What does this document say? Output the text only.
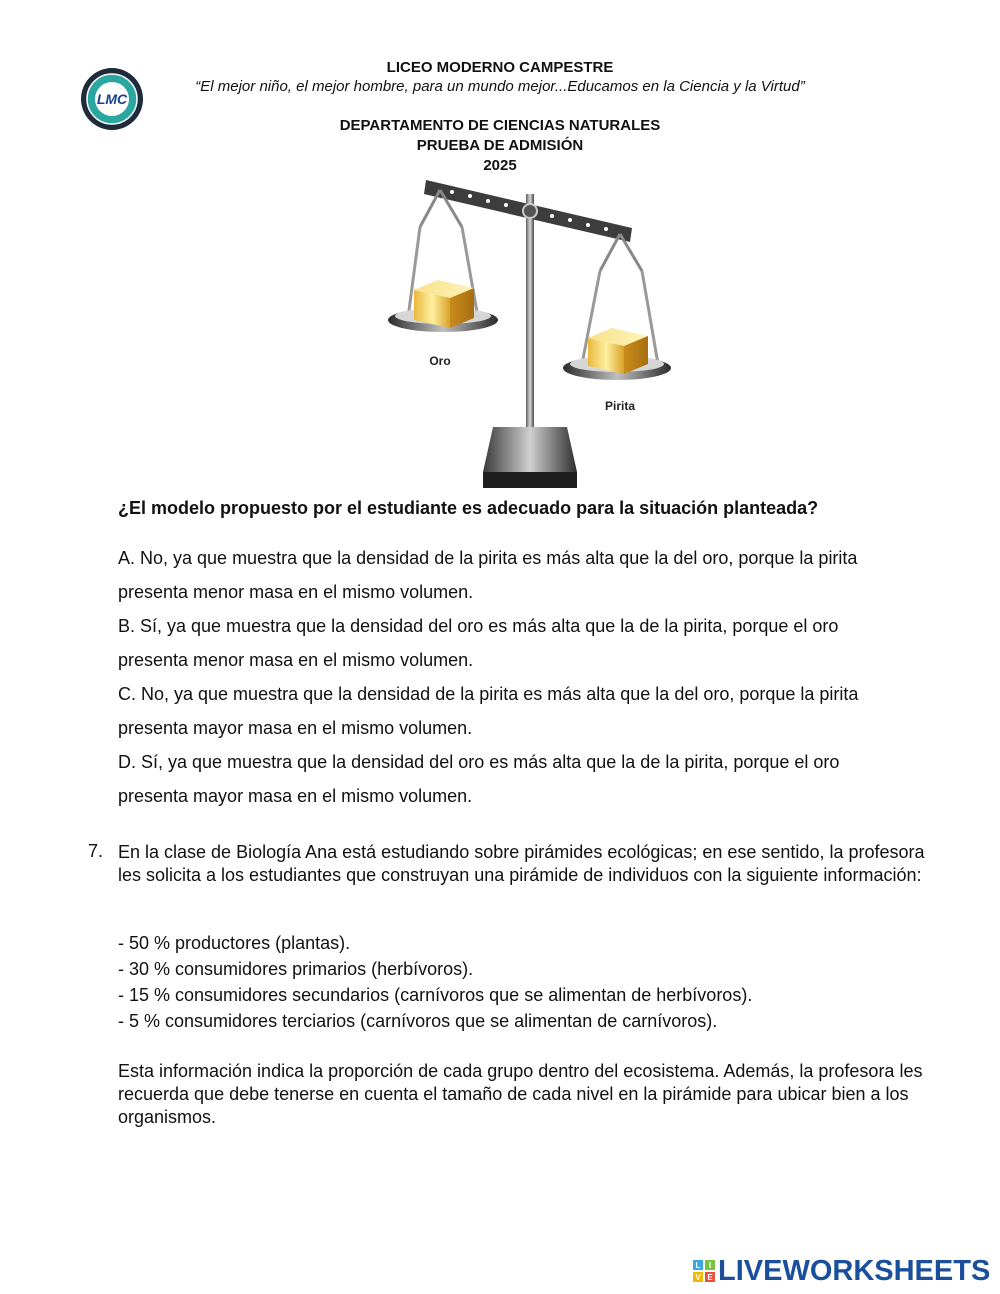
LMC
LICEO MODERNO CAMPESTRE
“El mejor niño, el mejor hombre, para un mundo mejor...Educamos en la Ciencia y la Virtud”
DEPARTAMENTO DE CIENCIAS NATURALES
PRUEBA DE ADMISIÓN
2025
Oro
Pirita
¿El modelo propuesto por el estudiante es adecuado para la situación planteada?
A. No, ya que muestra que la densidad de la pirita es más alta que la del oro, porque la pirita
presenta menor masa en el mismo volumen.
B. Sí, ya que muestra que la densidad del oro es más alta que la de la pirita, porque el oro
presenta menor masa en el mismo volumen.
C. No, ya que muestra que la densidad de la pirita es más alta que la del oro, porque la pirita
presenta mayor masa en el mismo volumen.
D. Sí, ya que muestra que la densidad del oro es más alta que la de la pirita, porque el oro
presenta mayor masa en el mismo volumen.
7. En la clase de Biología Ana está estudiando sobre pirámides ecológicas; en ese sentido, la profesora les solicita a los estudiantes que construyan una pirámide de individuos con la siguiente información:
- 50 % productores (plantas).
- 30 % consumidores primarios (herbívoros).
- 15 % consumidores secundarios (carnívoros que se alimentan de herbívoros).
- 5 % consumidores terciarios (carnívoros que se alimentan de carnívoros).
Esta información indica la proporción de cada grupo dentro del ecosistema. Además, la profesora les recuerda que debe tenerse en cuenta el tamaño de cada nivel en la pirámide para ubicar bien a los organismos.
L	I
V E LIVEWORKSHEETS
